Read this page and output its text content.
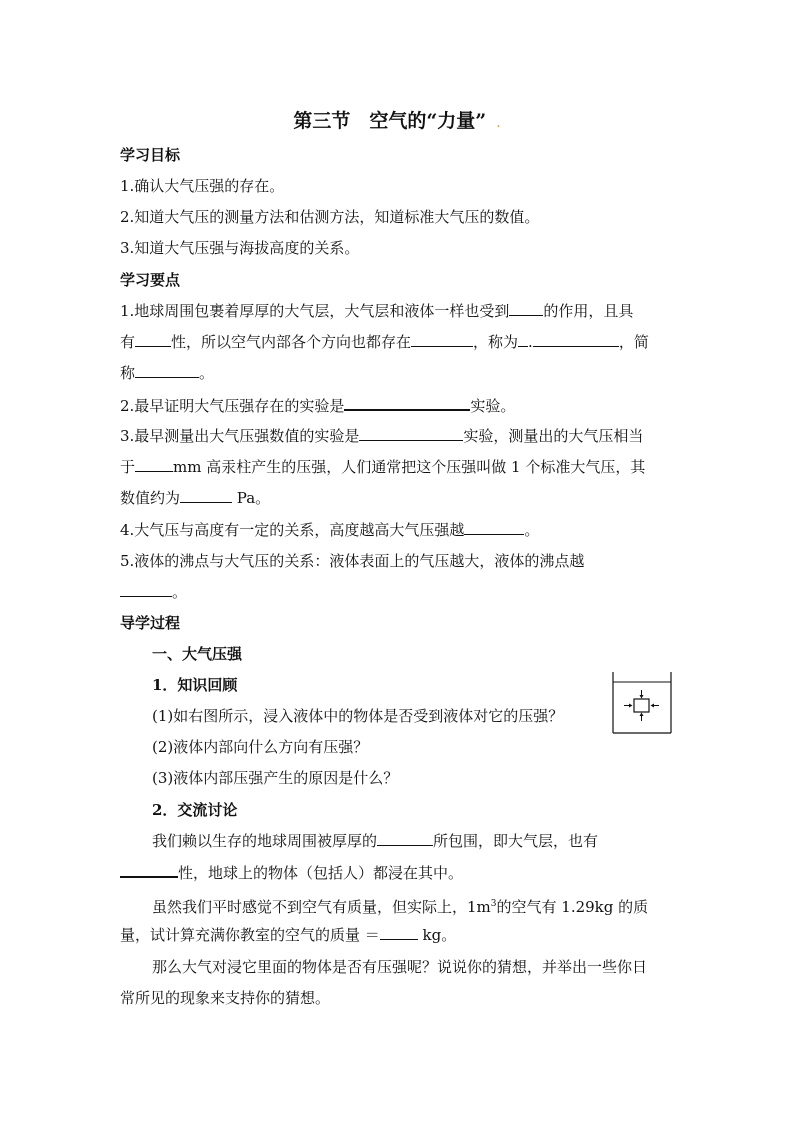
第三节　空气的“力量” .
学习目标
1.确认大气压强的存在。
2.知道大气压的测量方法和估测方法，知道标准大气压的数值。
3.知道大气压强与海拔高度的关系。
学习要点
1.地球周围包裹着厚厚的大气层，大气层和液体一样也受到 的作用，且具
有 性，所以空气内部各个方向也都存在	，称为 .	，简
称	。
2.最早证明大气压强存在的实验是	实验。
3.最早测量出大气压强数值的实验是	实验，测量出的大气压相当
于	mm 高汞柱产生的压强，人们通常把这个压强叫做 1 个标准大气压，其
数值约为	Pa。
4.大气压与高度有一定的关系，高度越高大气压强越	。
5.液体的沸点与大气压的关系：液体表面上的气压越大，液体的沸点越
。
导学过程
一、大气压强
1．知识回顾
(1)如右图所示，浸入液体中的物体是否受到液体对它的压强？
(2)液体内部向什么方向有压强？
(3)液体内部压强产生的原因是什么？
2．交流讨论
我们赖以生存的地球周围被厚厚的	所包围，即大气层，也有
性，地球上的物体（包括人）都浸在其中。
虽然我们平时感觉不到空气有质量，但实际上，$1m^3$的空气有 1.29kg 的质
量，试计算充满你教室的空气的质量 ＝	kg。
那么大气对浸它里面的物体是否有压强呢？说说你的猜想，并举出一些你日
常所见的现象来支持你的猜想。
